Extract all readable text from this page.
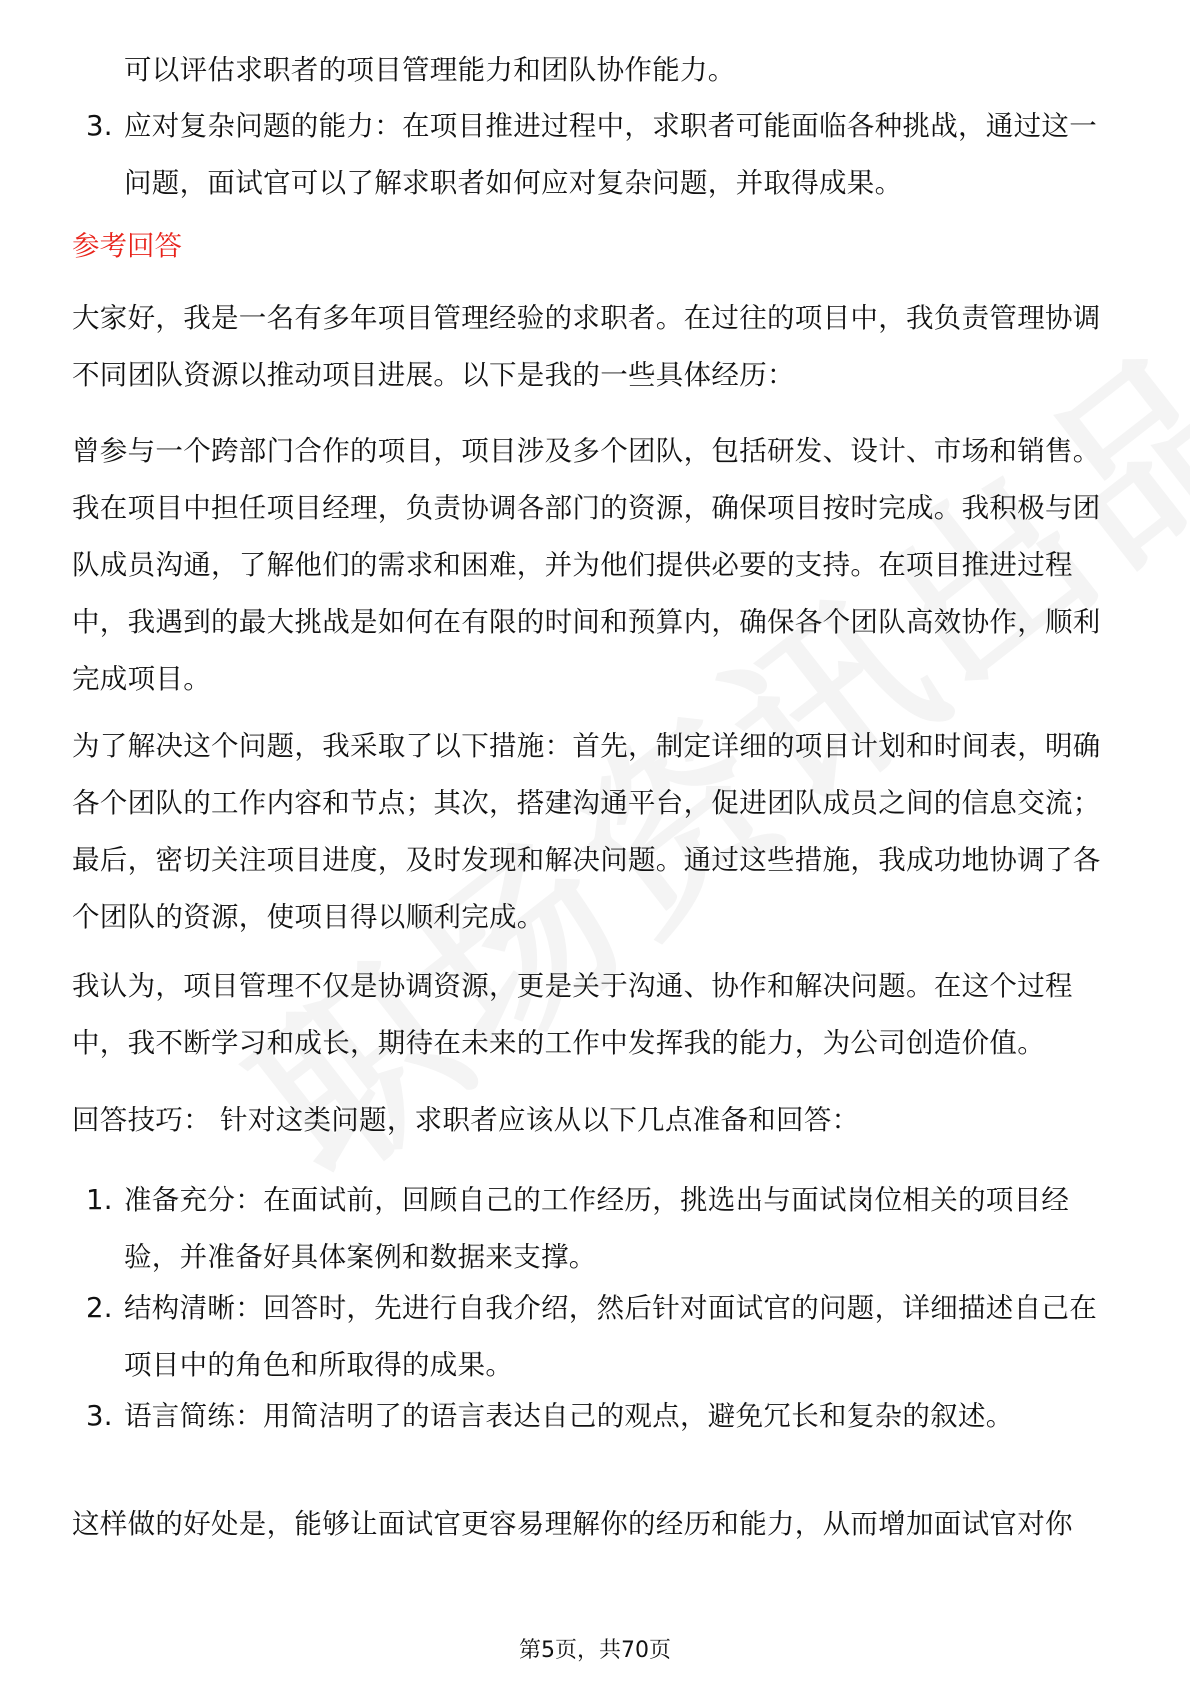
可以评估求职者的项目管理能力和团队协作能力。
3. 应对复杂问题的能力：在项目推进过程中，求职者可能面临各种挑战，通过这一问题，面试官可以了解求职者如何应对复杂问题，并取得成果。
参考回答
大家好，我是一名有多年项目管理经验的求职者。在过往的项目中，我负责管理协调不同团队资源以推动项目进展。以下是我的一些具体经历：
曾参与一个跨部门合作的项目，项目涉及多个团队，包括研发、设计、市场和销售。我在项目中担任项目经理，负责协调各部门的资源，确保项目按时完成。我积极与团队成员沟通，了解他们的需求和困难，并为他们提供必要的支持。在项目推进过程中，我遇到的最大挑战是如何在有限的时间和预算内，确保各个团队高效协作，顺利完成项目。
为了解决这个问题，我采取了以下措施：首先，制定详细的项目计划和时间表，明确各个团队的工作内容和节点；其次，搭建沟通平台，促进团队成员之间的信息交流；最后，密切关注项目进度，及时发现和解决问题。通过这些措施，我成功地协调了各个团队的资源，使项目得以顺利完成。
我认为，项目管理不仅是协调资源，更是关于沟通、协作和解决问题。在这个过程中，我不断学习和成长，期待在未来的工作中发挥我的能力，为公司创造价值。
回答技巧： 针对这类问题，求职者应该从以下几点准备和回答：
1. 准备充分：在面试前，回顾自己的工作经历，挑选出与面试岗位相关的项目经验，并准备好具体案例和数据来支撑。
2. 结构清晰：回答时，先进行自我介绍，然后针对面试官的问题，详细描述自己在项目中的角色和所取得的成果。
3. 语言简练：用简洁明了的语言表达自己的观点，避免冗长和复杂的叙述。
这样做的好处是，能够让面试官更容易理解你的经历和能力，从而增加面试官对你
第5页，共70页
